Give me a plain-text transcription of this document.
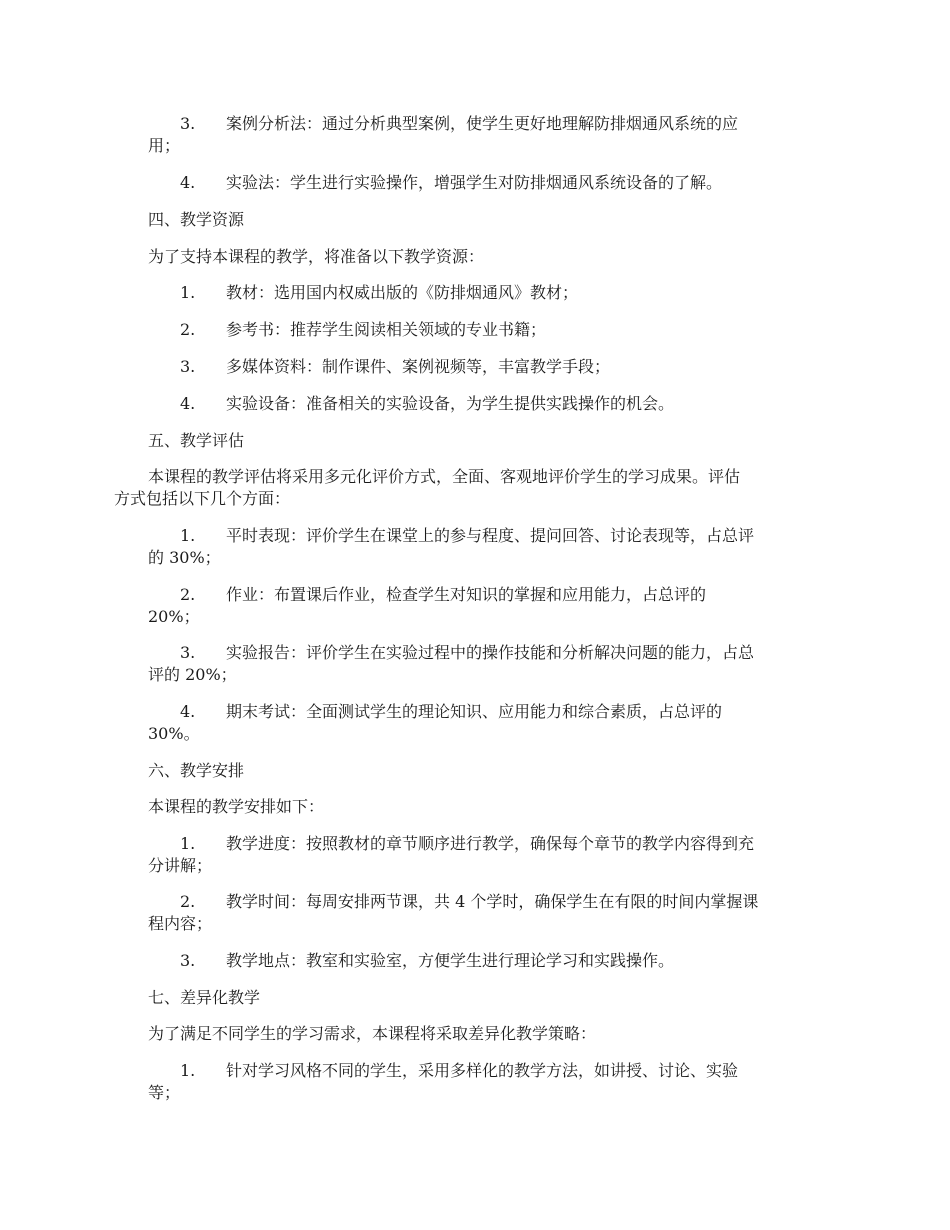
3. 案例分析法：通过分析典型案例，使学生更好地理解防排烟通风系统的应
用；
4. 实验法：学生进行实验操作，增强学生对防排烟通风系统设备的了解。
四、教学资源
为了支持本课程的教学，将准备以下教学资源：
1. 教材：选用国内权威出版的《防排烟通风》教材；
2. 参考书：推荐学生阅读相关领域的专业书籍；
3. 多媒体资料：制作课件、案例视频等，丰富教学手段；
4. 实验设备：准备相关的实验设备，为学生提供实践操作的机会。
五、教学评估
本课程的教学评估将采用多元化评价方式，全面、客观地评价学生的学习成果。评估
方式包括以下几个方面：
1. 平时表现：评价学生在课堂上的参与程度、提问回答、讨论表现等，占总评
的 30%；
2. 作业：布置课后作业，检查学生对知识的掌握和应用能力，占总评的
20%；
3. 实验报告：评价学生在实验过程中的操作技能和分析解决问题的能力，占总
评的 20%；
4. 期末考试：全面测试学生的理论知识、应用能力和综合素质，占总评的
30%。
六、教学安排
本课程的教学安排如下：
1. 教学进度：按照教材的章节顺序进行教学，确保每个章节的教学内容得到充
分讲解；
2. 教学时间：每周安排两节课，共 4 个学时，确保学生在有限的时间内掌握课
程内容；
3. 教学地点：教室和实验室，方便学生进行理论学习和实践操作。
七、差异化教学
为了满足不同学生的学习需求，本课程将采取差异化教学策略：
1. 针对学习风格不同的学生，采用多样化的教学方法，如讲授、讨论、实验
等；
